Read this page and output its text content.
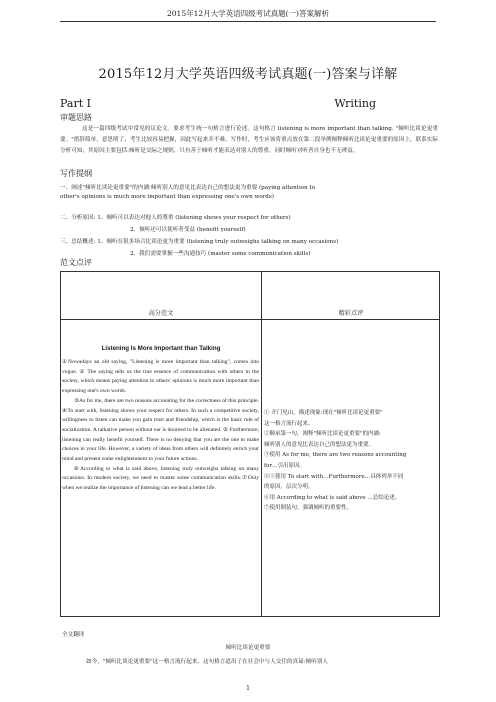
2015年12月大学英语四级考试真题(一)答案解析
2015年12月大学英语四级考试真题(一)答案与详解
Part Ⅰ	Writing
审题思路
这是一篇四级考试中常见的议论文。要求考生统一句格言进行论述。这句格言 listening is more important than talking. "倾听比谈论更重要。"措辞简单，意思明了，考生比较容易把握，因此写起来并不难。写作时，考生应该将重点放在第二段举例阐释倾听比谈论更重要的原因上。联系实际分析可知，其原因主要包括:倾听是交际之规则，只有善于倾听才能表达对别人的尊重，同时倾听对听者自身也不无裨益。
写作提纲
一、阐述"倾听比谈论更重要"的内涵:倾听别人的意见比表达自己的想法更为重要 (paying attention to
other's opinions is much more important than expressing one's own words)
二、分析原因: 1、倾听可以表达对他人的尊重 (listening shows your respect for others)
2、倾听还可以使听者受益 (benefit yourself)
三、总结概述: 1、倾听在很多场合比谈论更为重要 (listening truly outweighs talking on many occasions)
2、我们需要掌握一些沟通技巧 (master some communication skills)
范文点评
高分范文	精彩点评
Listening Is More Important than Talking

①Nowadays an old saying, "Listening is more important than talking", comes into vogue. ② The saying tells us the true essence of communication with others in the society, which means paying attention to others' opinions is much more important than expressing one's own words.

③As for me, there are two reasons accounting for the correctness of this principle. ④To start with, listening shows your respect for others. In such a competitive society, willingness to listen can make you gain trust and friendship, which is the basic rule of socialization. A talkative person without ear is doomed to be alienated. ⑤ Furthermore, listening can really benefit yourself. There is no denying that you are the one to make choices in your life. However, a variety of ideas from others will definitely enrich your mind and present some enlightenment to your future actions.

⑥According to what is said above, listening truly outweighs talking on many occasions. In modern society, we need to master some communication skills.⑦Only when we realize the importance of listening can we lead a better life.

① 开门见山，描述现象:现在"倾听比谈论更重要"
这一格言流行起来。
②顺承第一句，阐释"倾听比谈论更重要"的内涵:
倾听别人的意见比表达自己的想法更为重要。
③使用 As for me, there are two reasons accounting
for…引出原因。
④⑤使用 To start with…Furthermore…具体列举不同
的原因，层次分明。
⑥用 According to what is said above …总结论述。
⑦使用倒装句，强调倾听的重要性。
全文翻译
倾听比谈论更重要
如今，"倾听比谈论更重要"这一格言流行起来。这句格言道出了在社会中与人交往的真谛:倾听别人
1
